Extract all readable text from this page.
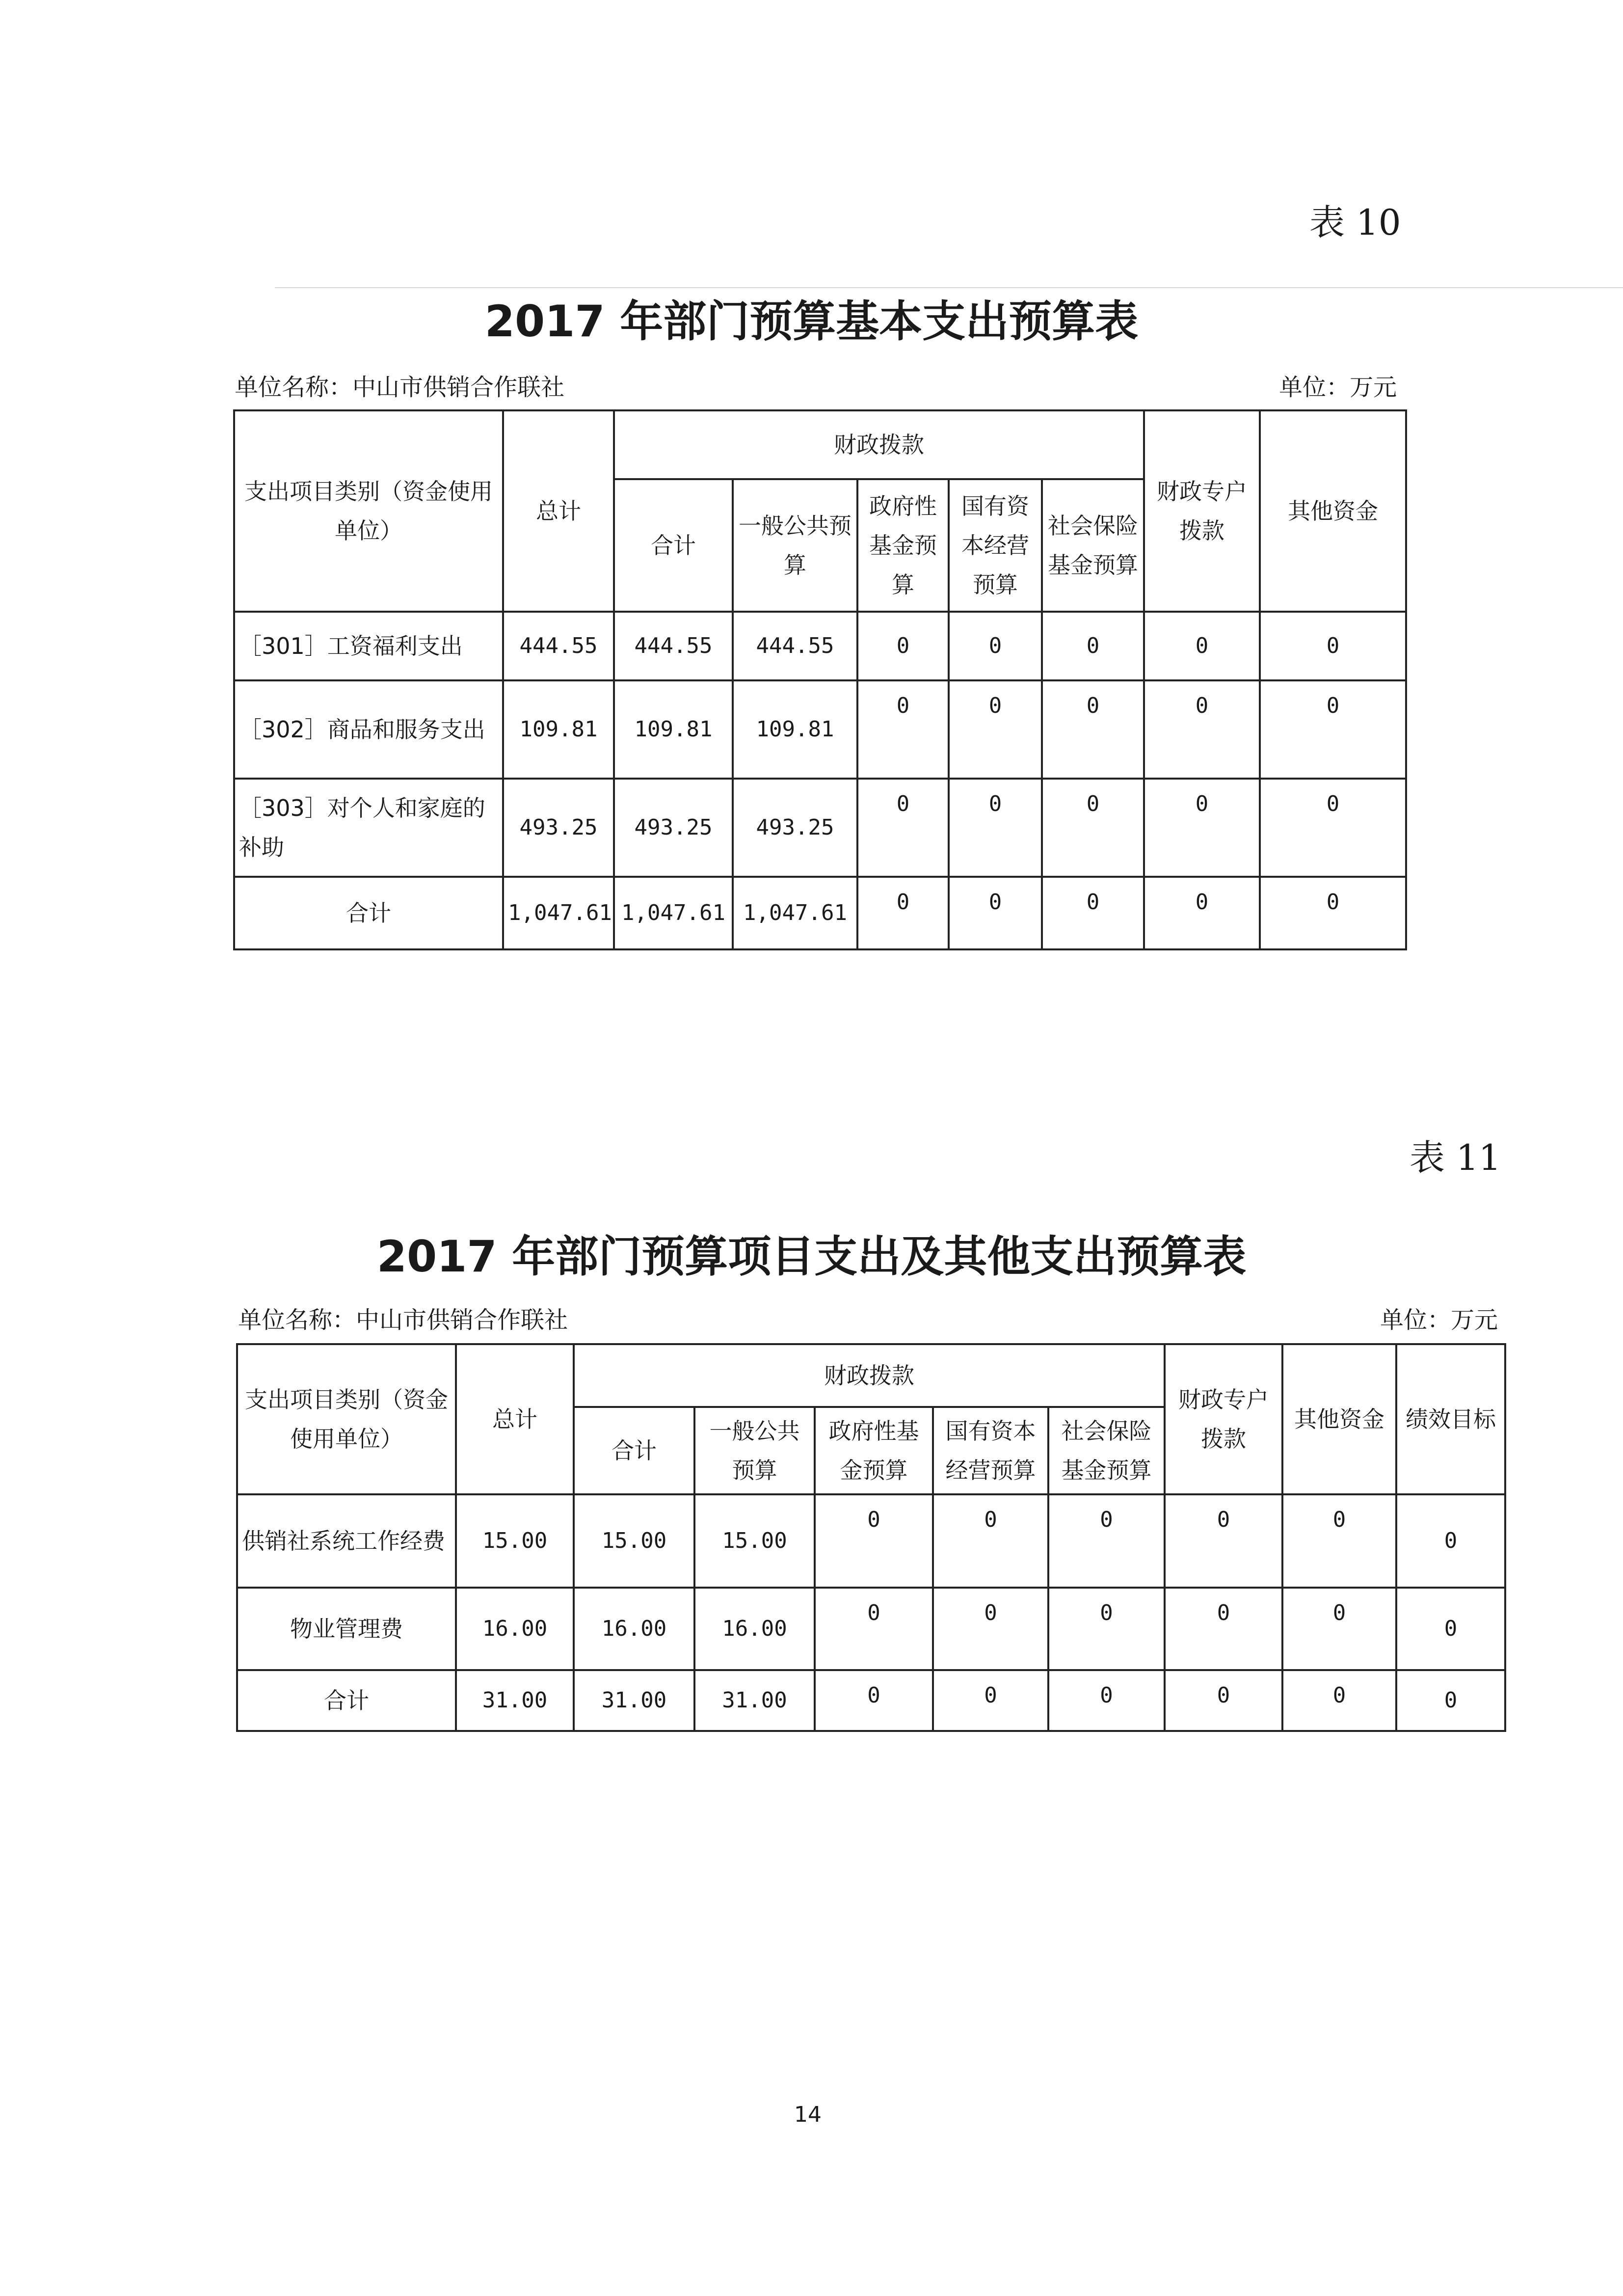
表 10
2017 年部门预算基本支出预算表
单位名称：中山市供销合作联社	单位：万元
支出项目类别（资金使用单位）	总计	财政拨款					财政专户拨款	其他资金
		合计	一般公共预算	政府性基金预算	国有资本经营预算	社会保险基金预算		
［301］工资福利支出	444.55	444.55	444.55	0	0	0	0	0
［302］商品和服务支出	109.81	109.81	109.81	0	0	0	0	0
［303］对个人和家庭的补助	493.25	493.25	493.25	0	0	0	0	0
合计	1,047.61	1,047.61	1,047.61	0	0	0	0	0
表 11
2017 年部门预算项目支出及其他支出预算表
单位名称：中山市供销合作联社	单位：万元
支出项目类别（资金使用单位）	总计	财政拨款					财政专户拨款	其他资金	绩效目标
		合计	一般公共预算	政府性基金预算	国有资本经营预算	社会保险基金预算			
供销社系统工作经费	15.00	15.00	15.00	0	0	0	0	0	0
物业管理费	16.00	16.00	16.00	0	0	0	0	0	0
合计	31.00	31.00	31.00	0	0	0	0	0	0
14
